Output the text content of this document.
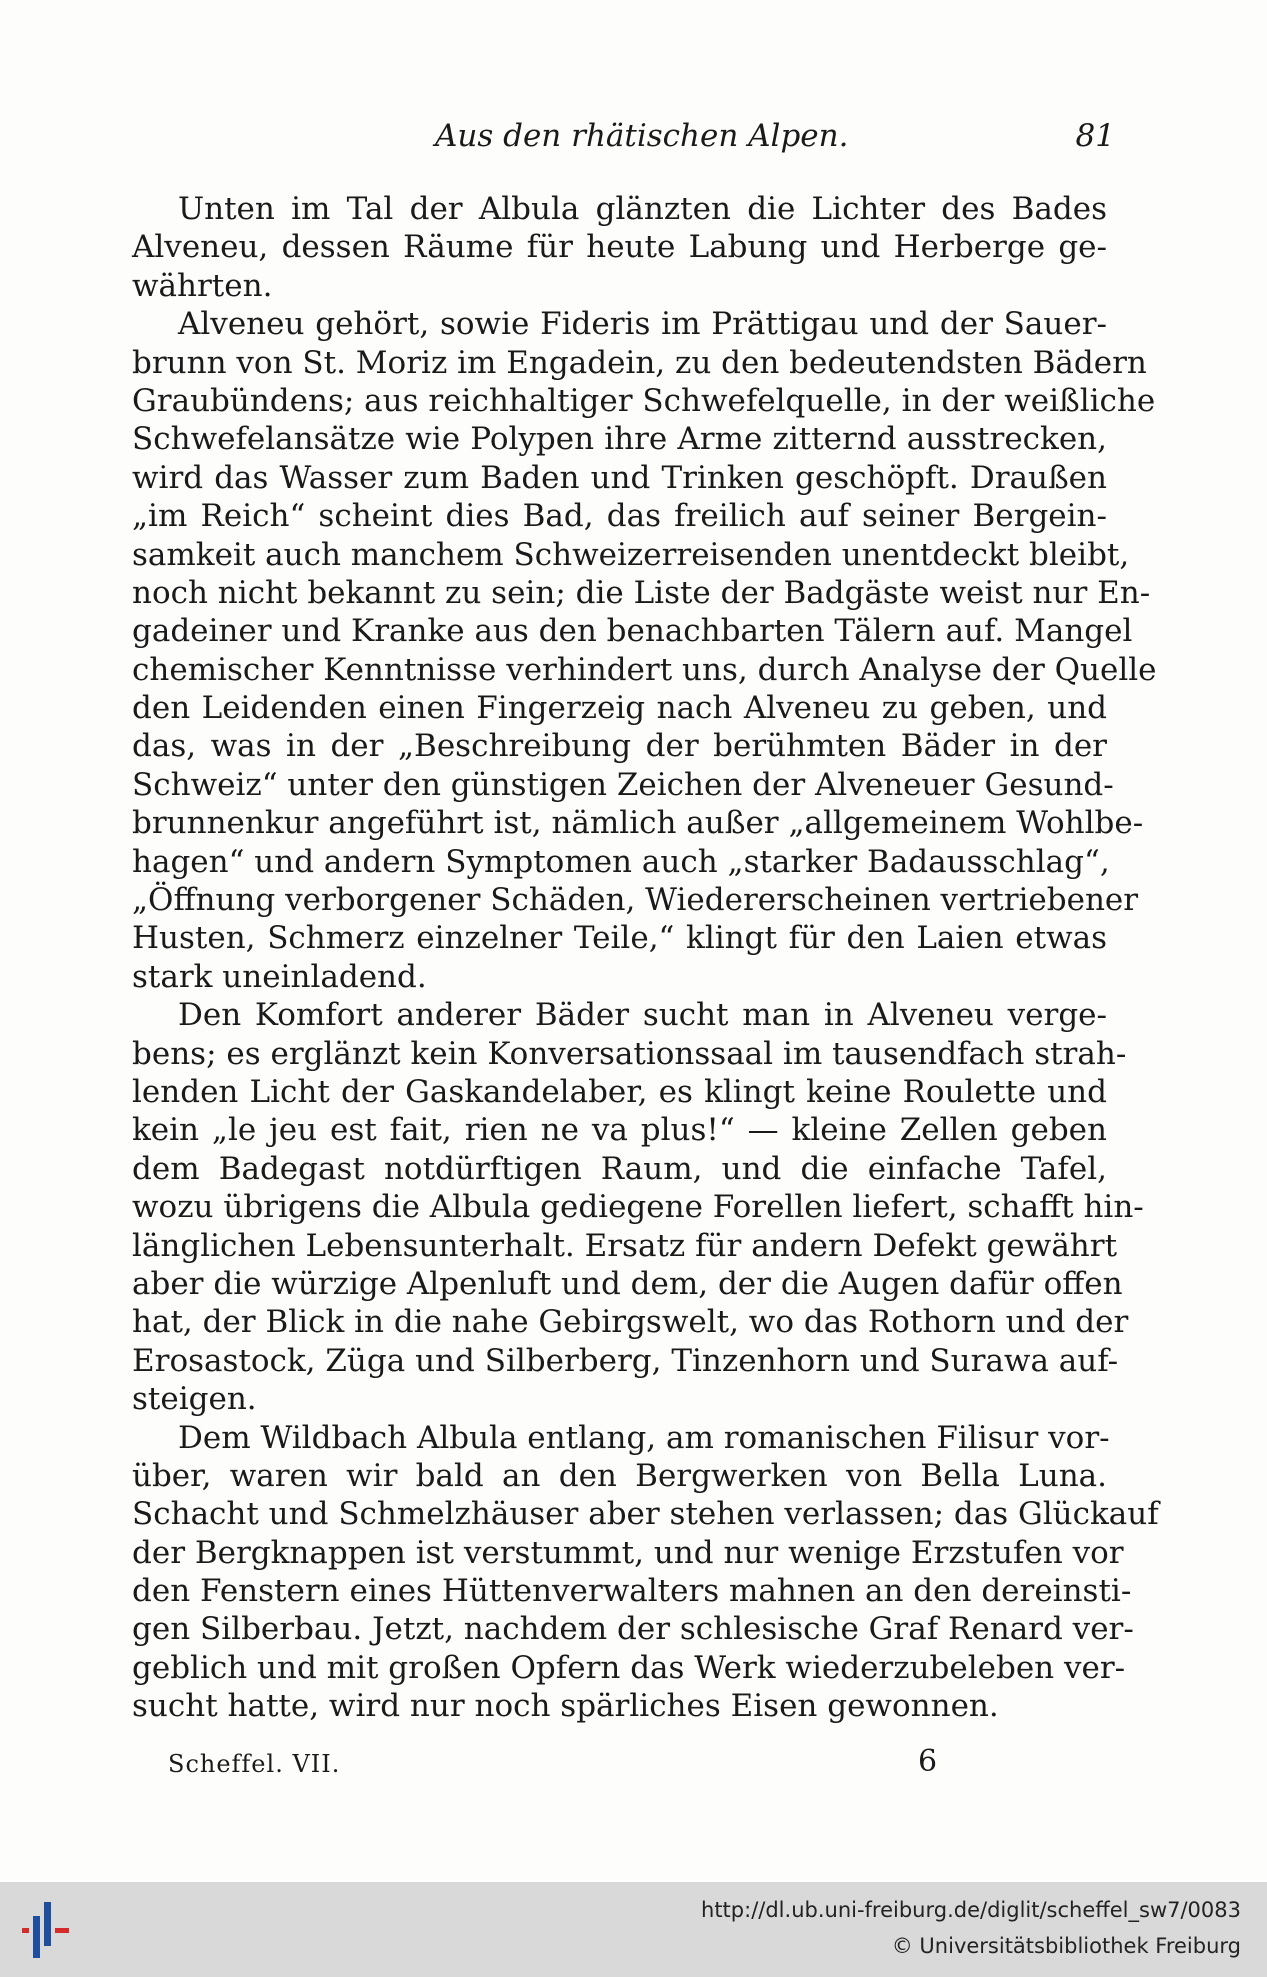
Aus den rhätischen Alpen.	81
Unten im Tal der Albula glänzten die Lichter des Bades
Alveneu, dessen Räume für heute Labung und Herberge ge-
währten.
Alveneu gehört, sowie Fideris im Prättigau und der Sauer-
brunn von St. Moriz im Engadein, zu den bedeutendsten Bädern
Graubündens; aus reichhaltiger Schwefelquelle, in der weißliche
Schwefelansätze wie Polypen ihre Arme zitternd ausstrecken,
wird das Wasser zum Baden und Trinken geschöpft. Draußen
„im Reich“ scheint dies Bad, das freilich auf seiner Bergein-
samkeit auch manchem Schweizerreisenden unentdeckt bleibt,
noch nicht bekannt zu sein; die Liste der Badgäste weist nur En-
gadeiner und Kranke aus den benachbarten Tälern auf. Mangel
chemischer Kenntnisse verhindert uns, durch Analyse der Quelle
den Leidenden einen Fingerzeig nach Alveneu zu geben, und
das, was in der „Beschreibung der berühmten Bäder in der
Schweiz“ unter den günstigen Zeichen der Alveneuer Gesund-
brunnenkur angeführt ist, nämlich außer „allgemeinem Wohlbe-
hagen“ und andern Symptomen auch „starker Badausschlag“,
„Öffnung verborgener Schäden, Wiedererscheinen vertriebener
Husten, Schmerz einzelner Teile,“ klingt für den Laien etwas
stark uneinladend.
Den Komfort anderer Bäder sucht man in Alveneu verge-
bens; es erglänzt kein Konversationssaal im tausendfach strah-
lenden Licht der Gaskandelaber, es klingt keine Roulette und
kein „le jeu est fait, rien ne va plus!“ — kleine Zellen geben
dem Badegast notdürftigen Raum, und die einfache Tafel,
wozu übrigens die Albula gediegene Forellen liefert, schafft hin-
länglichen Lebensunterhalt. Ersatz für andern Defekt gewährt
aber die würzige Alpenluft und dem, der die Augen dafür offen
hat, der Blick in die nahe Gebirgswelt, wo das Rothorn und der
Erosastock, Züga und Silberberg, Tinzenhorn und Surawa auf-
steigen.
Dem Wildbach Albula entlang, am romanischen Filisur vor-
über, waren wir bald an den Bergwerken von Bella Luna.
Schacht und Schmelzhäuser aber stehen verlassen; das Glückauf
der Bergknappen ist verstummt, und nur wenige Erzstufen vor
den Fenstern eines Hüttenverwalters mahnen an den dereinsti-
gen Silberbau. Jetzt, nachdem der schlesische Graf Renard ver-
geblich und mit großen Opfern das Werk wiederzubeleben ver-
sucht hatte, wird nur noch spärliches Eisen gewonnen.
Scheffel. VII.	6
http://dl.ub.uni-freiburg.de/diglit/scheffel_sw7/0083
© Universitätsbibliothek Freiburg
